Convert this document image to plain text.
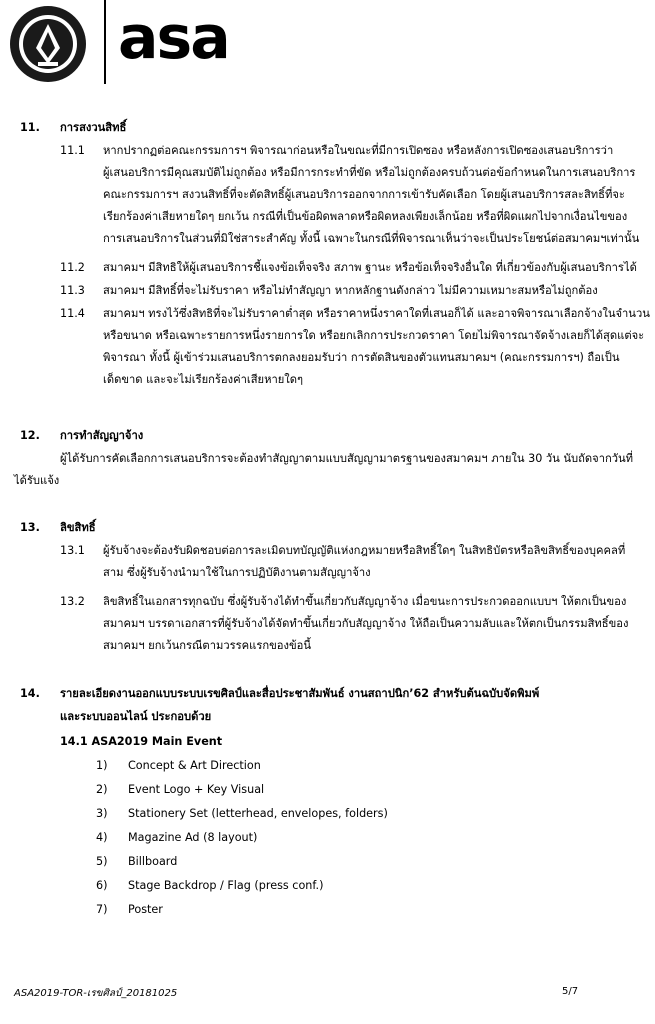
asa
11. การสงวนสิทธิ์
11.1 หากปรากฏต่อคณะกรรมการฯ พิจารณาก่อนหรือในขณะที่มีการเปิดซอง หรือหลังการเปิดซองเสนอบริการว่า
ผู้เสนอบริการมีคุณสมบัติไม่ถูกต้อง หรือมีการกระทำที่ขัด หรือไม่ถูกต้องครบถ้วนต่อข้อกำหนดในการเสนอบริการ
คณะกรรมการฯ สงวนสิทธิ์ที่จะตัดสิทธิ์ผู้เสนอบริการออกจากการเข้ารับคัดเลือก โดยผู้เสนอบริการสละสิทธิ์ที่จะ
เรียกร้องค่าเสียหายใดๆ ยกเว้น กรณีที่เป็นข้อผิดพลาดหรือผิดหลงเพียงเล็กน้อย หรือที่ผิดแผกไปจากเงื่อนไขของ
การเสนอบริการในส่วนที่มิใช่สาระสำคัญ ทั้งนี้ เฉพาะในกรณีที่พิจารณาเห็นว่าจะเป็นประโยชน์ต่อสมาคมฯเท่านั้น
11.2 สมาคมฯ มีสิทธิให้ผู้เสนอบริการชี้แจงข้อเท็จจริง สภาพ ฐานะ หรือข้อเท็จจริงอื่นใด ที่เกี่ยวข้องกับผู้เสนอบริการได้
11.3 สมาคมฯ มีสิทธิ์ที่จะไม่รับราคา หรือไม่ทำสัญญา หากหลักฐานดังกล่าว ไม่มีความเหมาะสมหรือไม่ถูกต้อง
11.4 สมาคมฯ ทรงไว้ซึ่งสิทธิที่จะไม่รับราคาต่ำสุด หรือราคาหนึ่งราคาใดที่เสนอก็ได้ และอาจพิจารณาเลือกจ้างในจำนวน
หรือขนาด หรือเฉพาะรายการหนึ่งรายการใด หรือยกเลิกการประกวดราคา โดยไม่พิจารณาจัดจ้างเลยก็ได้สุดแต่จะ
พิจารณา ทั้งนี้ ผู้เข้าร่วมเสนอบริการตกลงยอมรับว่า การตัดสินของตัวแทนสมาคมฯ (คณะกรรมการฯ) ถือเป็น
เด็ดขาด และจะไม่เรียกร้องค่าเสียหายใดๆ
12. การทำสัญญาจ้าง
ผู้ได้รับการคัดเลือกการเสนอบริการจะต้องทำสัญญาตามแบบสัญญามาตรฐานของสมาคมฯ ภายใน 30 วัน นับถัดจากวันที่
ได้รับแจ้ง
13. ลิขสิทธิ์
13.1 ผู้รับจ้างจะต้องรับผิดชอบต่อการละเมิดบทบัญญัติแห่งกฎหมายหรือสิทธิ์ใดๆ ในสิทธิบัตรหรือลิขสิทธิ์ของบุคคลที่
สาม ซึ่งผู้รับจ้างนำมาใช้ในการปฏิบัติงานตามสัญญาจ้าง
13.2 ลิขสิทธิ์ในเอกสารทุกฉบับ ซึ่งผู้รับจ้างได้ทำขึ้นเกี่ยวกับสัญญาจ้าง เมื่อขนะการประกวดออกแบบฯ ให้ตกเป็นของ
สมาคมฯ บรรดาเอกสารที่ผู้รับจ้างได้จัดทำขึ้นเกี่ยวกับสัญญาจ้าง ให้ถือเป็นความลับและให้ตกเป็นกรรมสิทธิ์ของ
สมาคมฯ ยกเว้นกรณีตามวรรคแรกของข้อนี้
14. รายละเอียดงานออกแบบระบบเรขศิลป์และสื่อประชาสัมพันธ์ งานสถาปนิก’62 สำหรับต้นฉบับจัดพิมพ์
และระบบออนไลน์ ประกอบด้วย
14.1 ASA2019 Main Event
1) Concept & Art Direction
2) Event Logo + Key Visual
3) Stationery Set (letterhead, envelopes, folders)
4) Magazine Ad (8 layout)
5) Billboard
6) Stage Backdrop / Flag (press conf.)
7) Poster
ASA2019-TOR-เรขศิลป์_20181025	5/7
